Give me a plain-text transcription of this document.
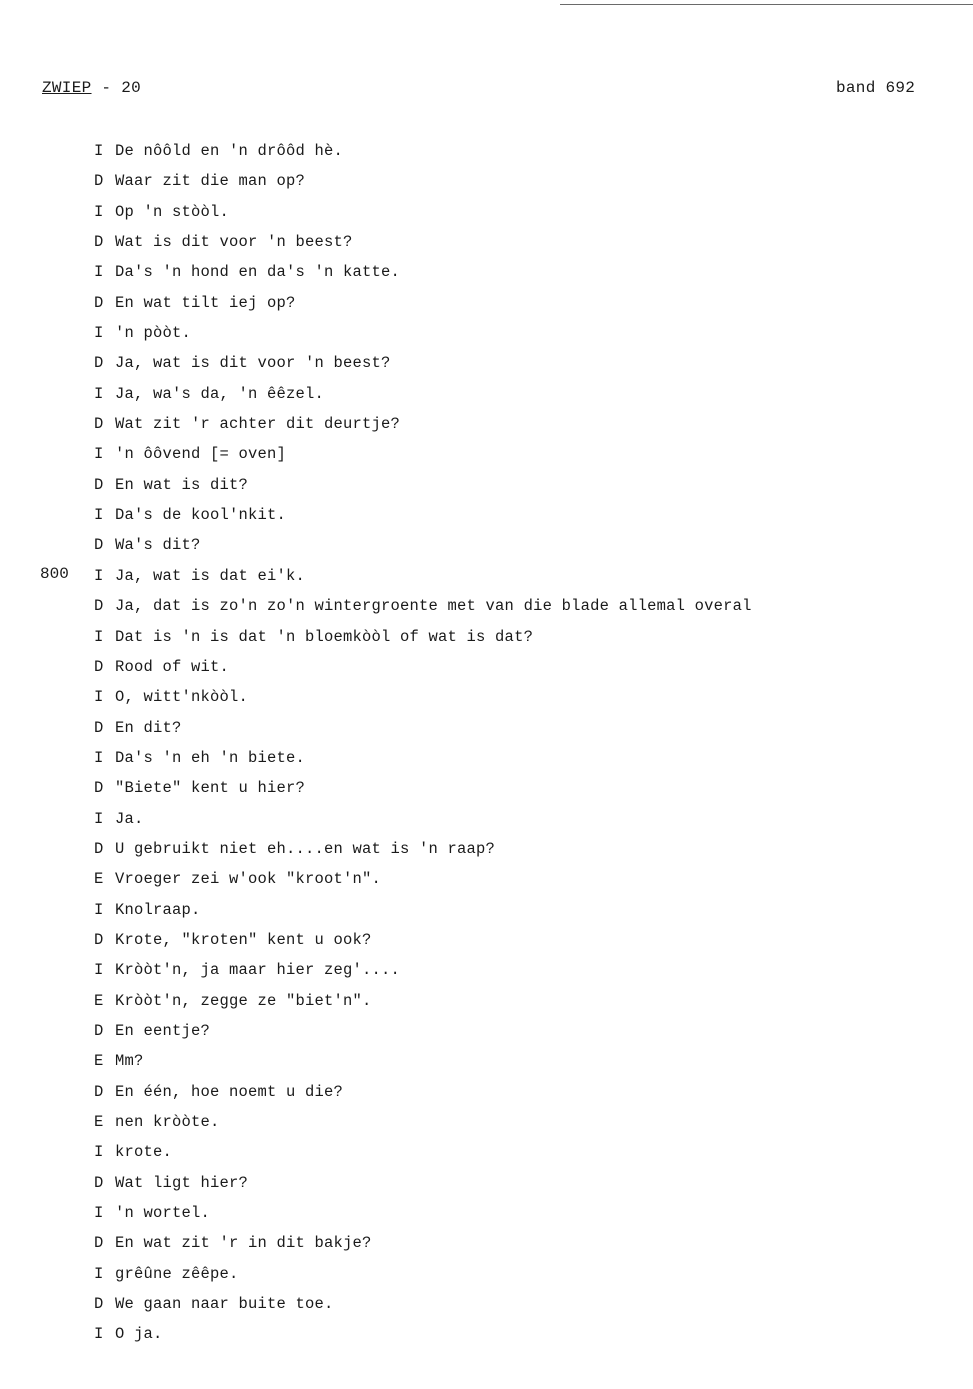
ZWIEP - 20	band 692
800
I De nôôld en 'n drôôd hè.
D Waar zit die man op?
I Op 'n stòòl.
D Wat is dit voor 'n beest?
I Da's 'n hond en da's 'n katte.
D En wat tilt iej op?
I 'n pòòt.
D Ja, wat is dit voor 'n beest?
I Ja, wa's da, 'n êêzel.
D Wat zit 'r achter dit deurtje?
I 'n ôôvend [= oven]
D En wat is dit?
I Da's de kool'nkit.
D Wa's dit?
I Ja, wat is dat ei'k.
D Ja, dat is zo'n zo'n wintergroente met van die blade allemal overal
I Dat is 'n is dat 'n bloemkòòl of wat is dat?
D Rood of wit.
I O, witt'nkòòl.
D En dit?
I Da's 'n eh 'n biete.
D "Biete" kent u hier?
I Ja.
D U gebruikt niet eh....en wat is 'n raap?
E Vroeger zei w'ook "kroot'n".
I Knolraap.
D Krote, "kroten" kent u ook?
I Kròòt'n, ja maar hier zeg'....
E Kròòt'n, zegge ze "biet'n".
D En eentje?
E Mm?
D En één, hoe noemt u die?
E nen kròòte.
I krote.
D Wat ligt hier?
I 'n wortel.
D En wat zit 'r in dit bakje?
I grêûne zêêpe.
D We gaan naar buite toe.
I O ja.
